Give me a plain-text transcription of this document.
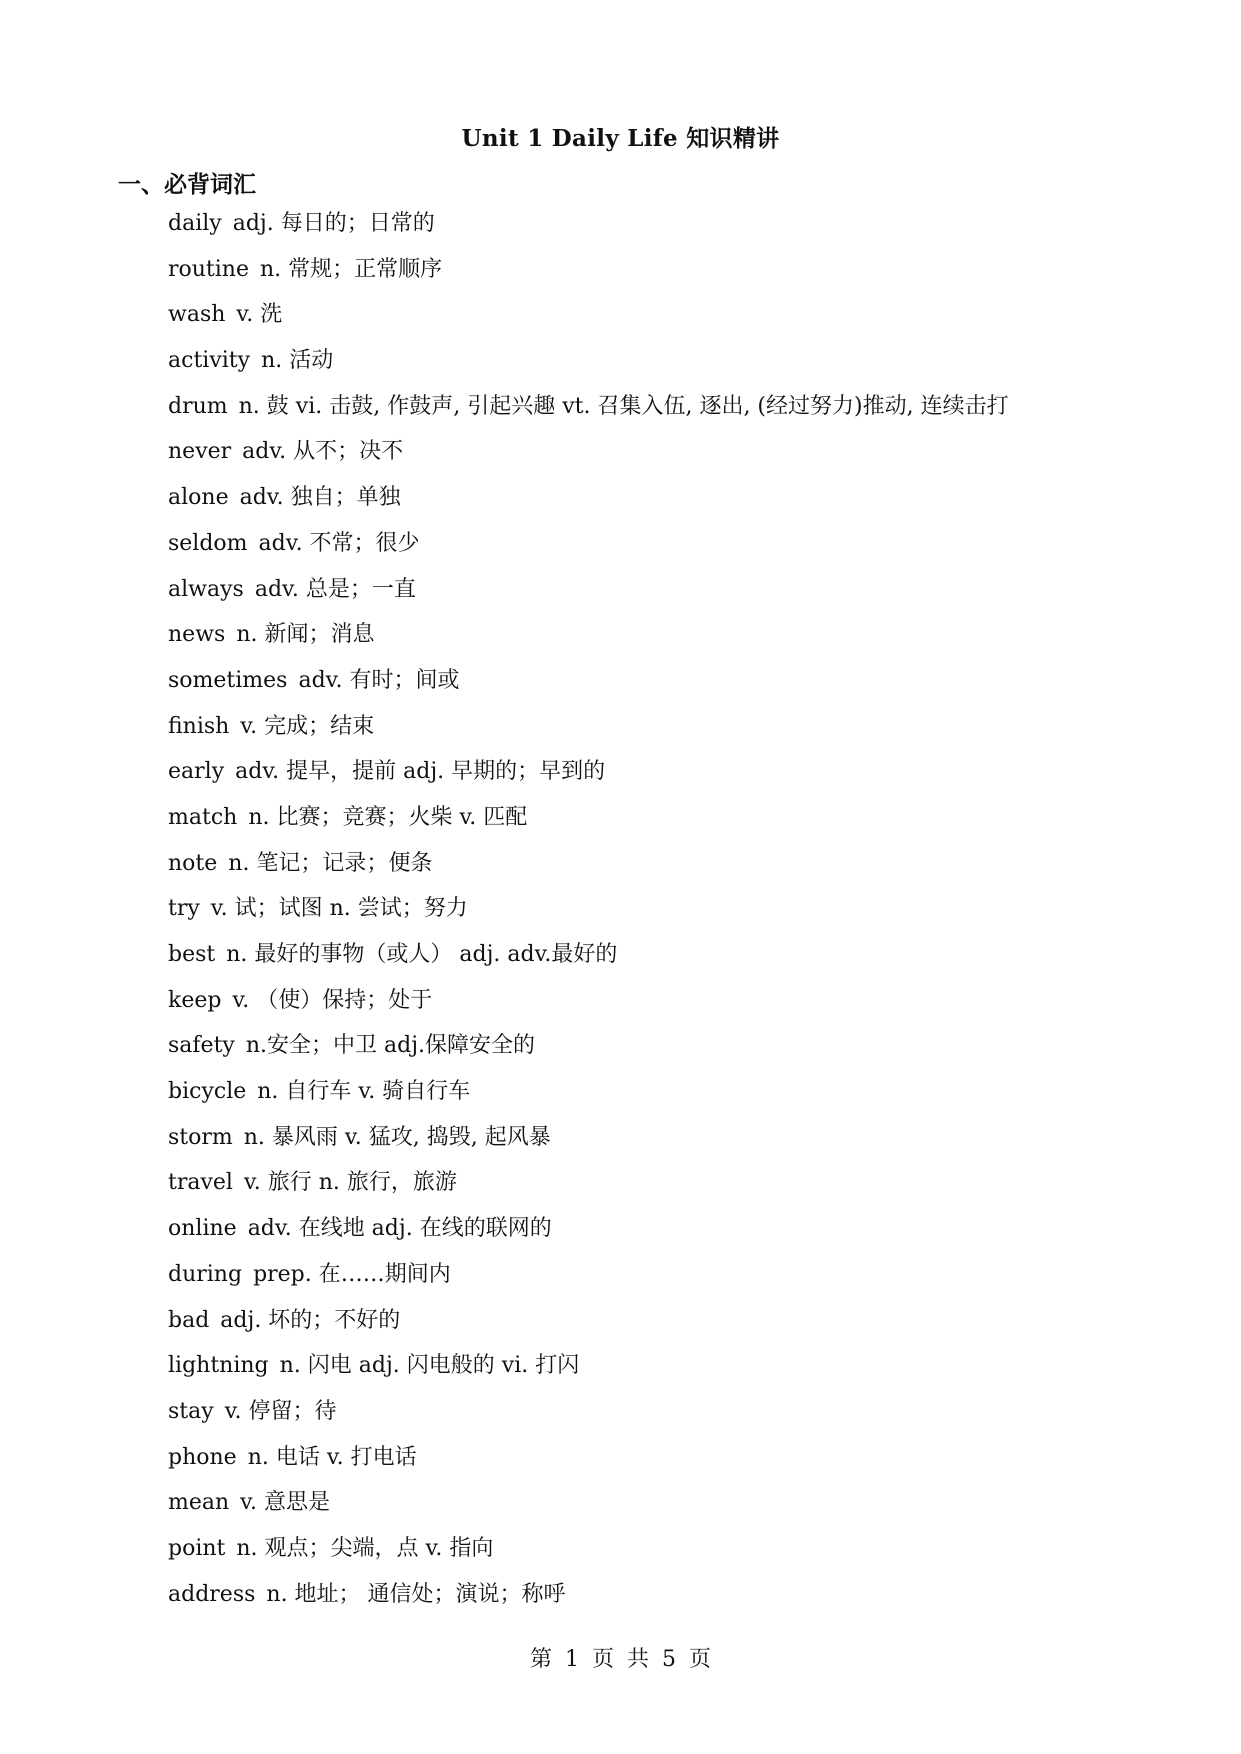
Unit 1 Daily Life 知识精讲
一、必背词汇
daily adj. 每日的；日常的
routine n. 常规；正常顺序
wash v. 洗
activity n. 活动
drum n. 鼓 vi. 击鼓, 作鼓声, 引起兴趣 vt. 召集入伍, 逐出, (经过努力)推动, 连续击打
never adv. 从不；决不
alone adv. 独自；单独
seldom adv. 不常；很少
always adv. 总是；一直
news n. 新闻；消息
sometimes adv. 有时；间或
finish v. 完成；结束
early adv. 提早，提前 adj. 早期的；早到的
match n. 比赛；竞赛；火柴 v. 匹配
note n. 笔记；记录；便条
try v. 试；试图 n. 尝试；努力
best n. 最好的事物（或人） adj. adv.最好的
keep v. （使）保持；处于
safety n.安全；中卫 adj.保障安全的
bicycle n. 自行车 v. 骑自行车
storm n. 暴风雨 v. 猛攻, 捣毁, 起风暴
travel v. 旅行 n. 旅行，旅游
online adv. 在线地 adj. 在线的联网的
during prep. 在……期间内
bad adj. 坏的；不好的
lightning n. 闪电 adj. 闪电般的 vi. 打闪
stay v. 停留；待
phone n. 电话 v. 打电话
mean v. 意思是
point n. 观点；尖端，点 v. 指向
address n. 地址； 通信处；演说；称呼
第 1 页 共 5 页
